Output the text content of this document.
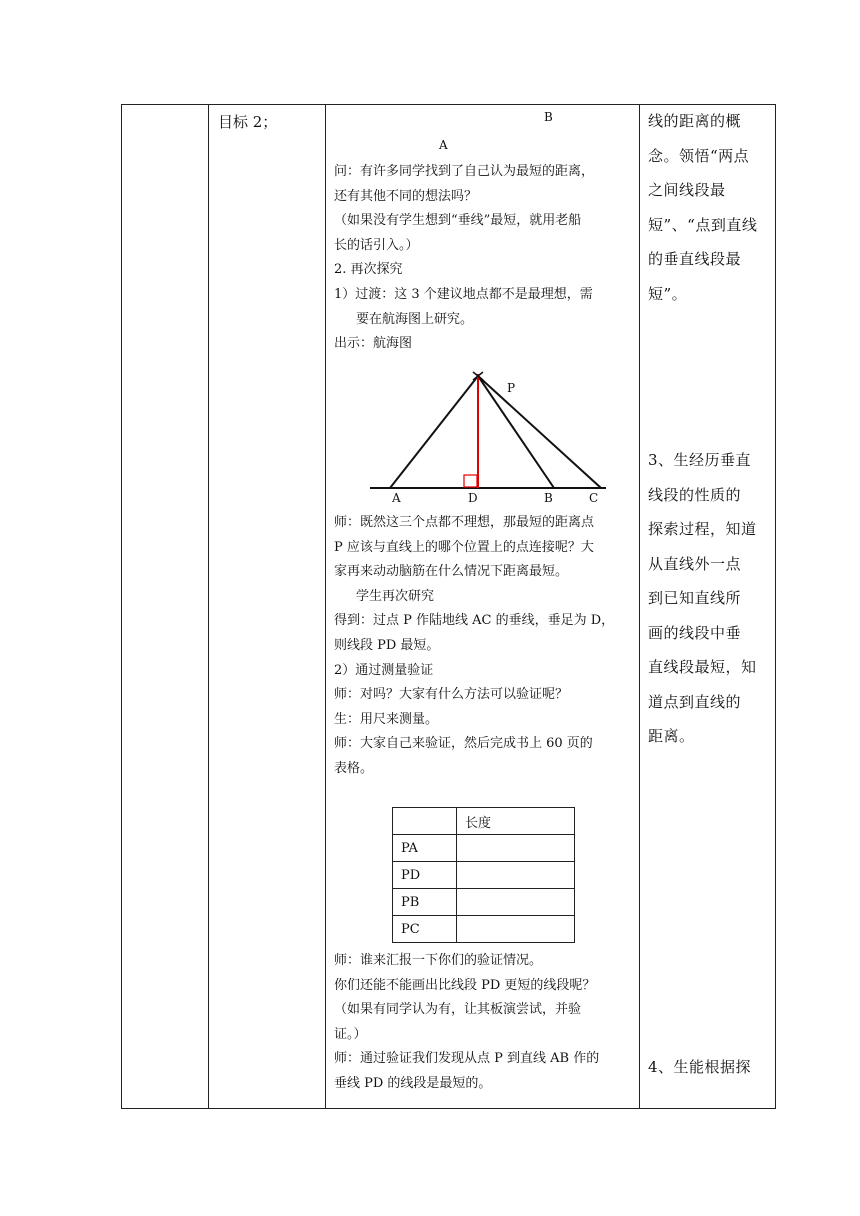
目标 2；	B
A

问：有许多同学找到了自己认为最短的距离，

还有其他不同的想法吗？

（如果没有学生想到“垂线”最短，就用老船

长的话引入。）

2. 再次探究

1）过渡：这 3 个建议地点都不是最理想，需

要在航海图上研究。

出示：航海图

P
A	D	B	C

师：既然这三个点都不理想，那最短的距离点

P 应该与直线上的哪个位置上的点连接呢？大

家再来动动脑筋在什么情况下距离最短。

学生再次研究

得到：过点 P 作陆地线 AC 的垂线，垂足为 D，

则线段 PD 最短。

2）通过测量验证

师：对吗？大家有什么方法可以验证呢？

生：用尺来测量。

师：大家自己来验证，然后完成书上 60 页的

表格。

	长度
PA	
PD	
PB	
PC	

师：谁来汇报一下你们的验证情况。

你们还能不能画出比线段 PD 更短的线段呢？

（如果有同学认为有，让其板演尝试，并验

证。）

师：通过验证我们发现从点 P 到直线 AB 作的

垂线 PD 的线段是最短的。

线的距离的概

念。领悟“两点

之间线段最

短”、“点到直线

的垂直线段最

短”。

3、生经历垂直

线段的性质的

探索过程，知道

从直线外一点

到已知直线所

画的线段中垂

直线段最短，知

道点到直线的

距离。

4、生能根据探
